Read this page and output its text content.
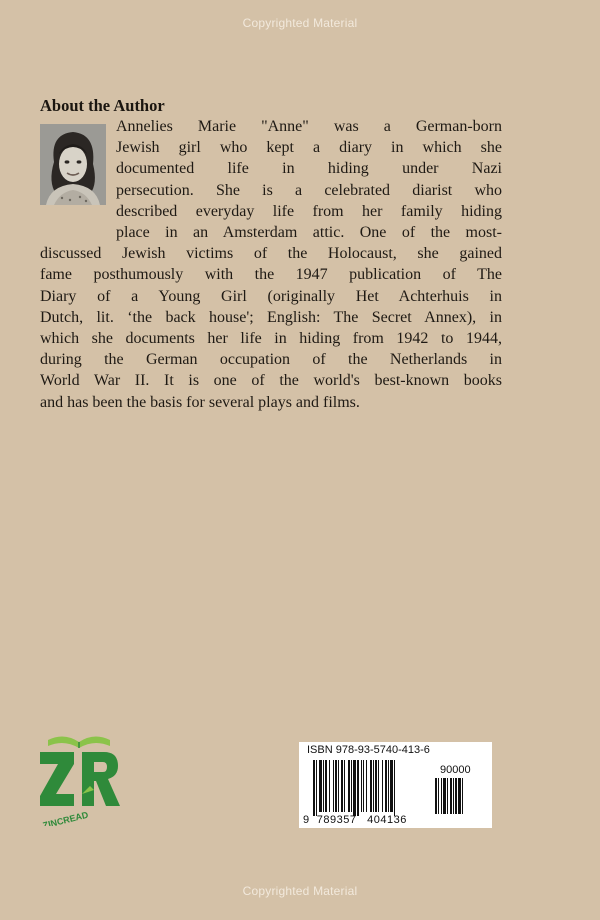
Copyrighted Material
About the Author
Annelies Marie "Anne" was a German-born
Jewish girl who kept a diary in which she
documented life in hiding under Nazi
persecution. She is a celebrated diarist who
described everyday life from her family hiding
place in an Amsterdam attic. One of the most-
discussed Jewish victims of the Holocaust, she gained
fame posthumously with the 1947 publication of The
Diary of a Young Girl (originally Het Achterhuis in
Dutch, lit. ‘the back house'; English: The Secret Annex), in
which she documents her life in hiding from 1942 to 1944,
during the German occupation of the Netherlands in
World War II. It is one of the world's best-known books
and has been the basis for several plays and films.
ZINCREAD
ISBN 978-93-5740-413-6
90000
9 789357 404136
Copyrighted Material
